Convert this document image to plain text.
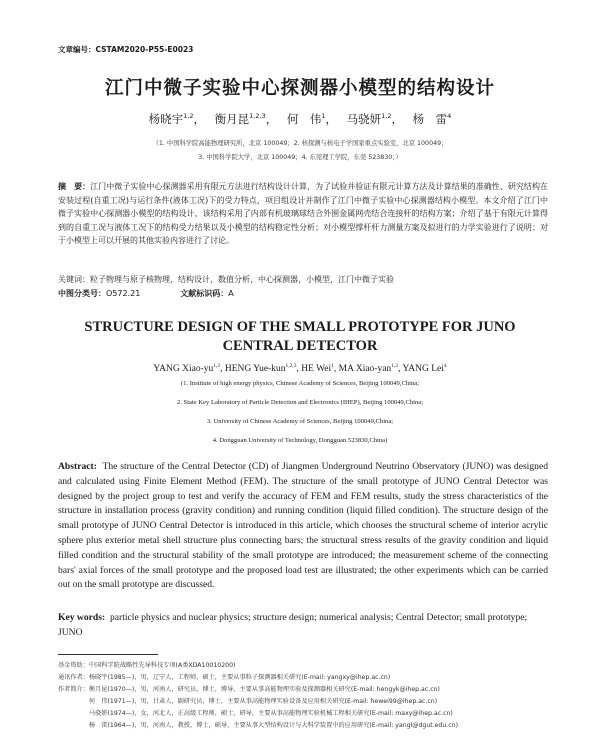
文章编号：CSTAM2020-P55-E0023
江门中微子实验中心探测器小模型的结构设计
杨晓宇$^{1,2}$， 衡月昆$^{1,2,3}$， 何　伟$^1$， 马骁妍$^{1,2}$， 杨　雷$^4$
（1. 中国科学院高能物理研究所，北京 100049；2. 核探测与核电子学国家重点实验室，北京 100049；
3. 中国科学院大学，北京 100049；4. 东莞理工学院，东莞 523830；）
摘　要：江门中微子实验中心探测器采用有限元方法进行结构设计计算，为了试验并验证有限元计算方法及计算结果的准确性、研究结构在安装过程(自重工况)与运行条件(液体工况)下的受力特点，项目组设计并制作了江门中微子实验中心探测器结构小模型。本文介绍了江门中微子实验中心探测器小模型的结构设计，该结构采用了内部有机玻璃球结合外围金属网壳结合连接杆的结构方案；介绍了基于有限元计算得到的自重工况与液体工况下的结构受力结果以及小模型的结构稳定性分析；对小模型撑杆杆力测量方案及拟进行的力学实验进行了说明；对于小模型上可以开展的其他实验内容进行了讨论。
关键词：粒子物理与原子核物理，结构设计，数值分析，中心探测器，小模型，江门中微子实验
中图分类号：O572.21	文献标识码：A
STRUCTURE DESIGN OF THE SMALL PROTOTYPE FOR JUNO
CENTRAL DETECTOR
YANG Xiao-yu$^{1,2}$, HENG Yue-kun$^{1,2,3}$, HE Wei$^1$, MA Xiao-yan$^{1,2}$, YANG Lei$^4$
(1. Institute of high energy physics, Chinese Academy of Sciences, Beijing 100049,China;
2. State Key Laboratory of Particle Detection and Electronics (IHEP), Beijing 100049,China;
3. University of Chinese Academy of Sciences, Beijing 100049,China;
4. Dongguan University of Technology, Dongguan 523830,China)
Abstract: The structure of the Central Detector (CD) of Jiangmen Underground Neutrino Observatory (JUNO) was designed and calculated using Finite Element Method (FEM). The structure of the small prototype of JUNO Central Detector was designed by the project group to test and verify the accuracy of FEM and FEM results, study the stress characteristics of the structure in installation process (gravity condition) and running condition (liquid filled condition). The structure design of the small prototype of JUNO Central Detector is introduced in this article, which chooses the structural scheme of interior acrylic sphere plus exterior metal shell structure plus connecting bars; the structural stress results of the gravity condition and liquid filled condition and the structural stability of the small prototype are introduced; the measurement scheme of the connecting bars' axial forces of the small prototype and the proposed load test are illustrated; the other experiments which can be carried out on the small prototype are discussed.
Key words: particle physics and nuclear physics; structure design; numerical analysis; Central Detector; small prototype; JUNO
基金资助：中国科学院战略性先导科技专项(A类XDA10010200)
通讯作者：杨晓宇(1985—)，男，辽宁人，工程师，硕士，主要从事粒子探测器相关研究(E-mail: yangxy@ihep.ac.cn)
作者简介：衡月昆(1970—)，男，河南人，研究员，博士，博导，主要从事高能物理实验及探测器相关研究(E-mail: hengyk@ihep.ac.cn)
　　　　　何　伟(1971—)，男，甘肃人，副研究员，博士，主要从事高能物理实验设备及应用相关研究(E-mail: hewei99@ihep.ac.cn)
　　　　　马骁妍(1974—)，女，河北人，正高级工程师，硕士，研导，主要从事高能物理实验机械工程相关研究(E-mail: maxy@ihep.ac.cn)
　　　　　杨　雷(1964—)，男，河南人，教授，博士，硕导，主要从事大型结构设计与大科学装置中的应用研究(E-mail: yangl@dgut.edu.cn)
